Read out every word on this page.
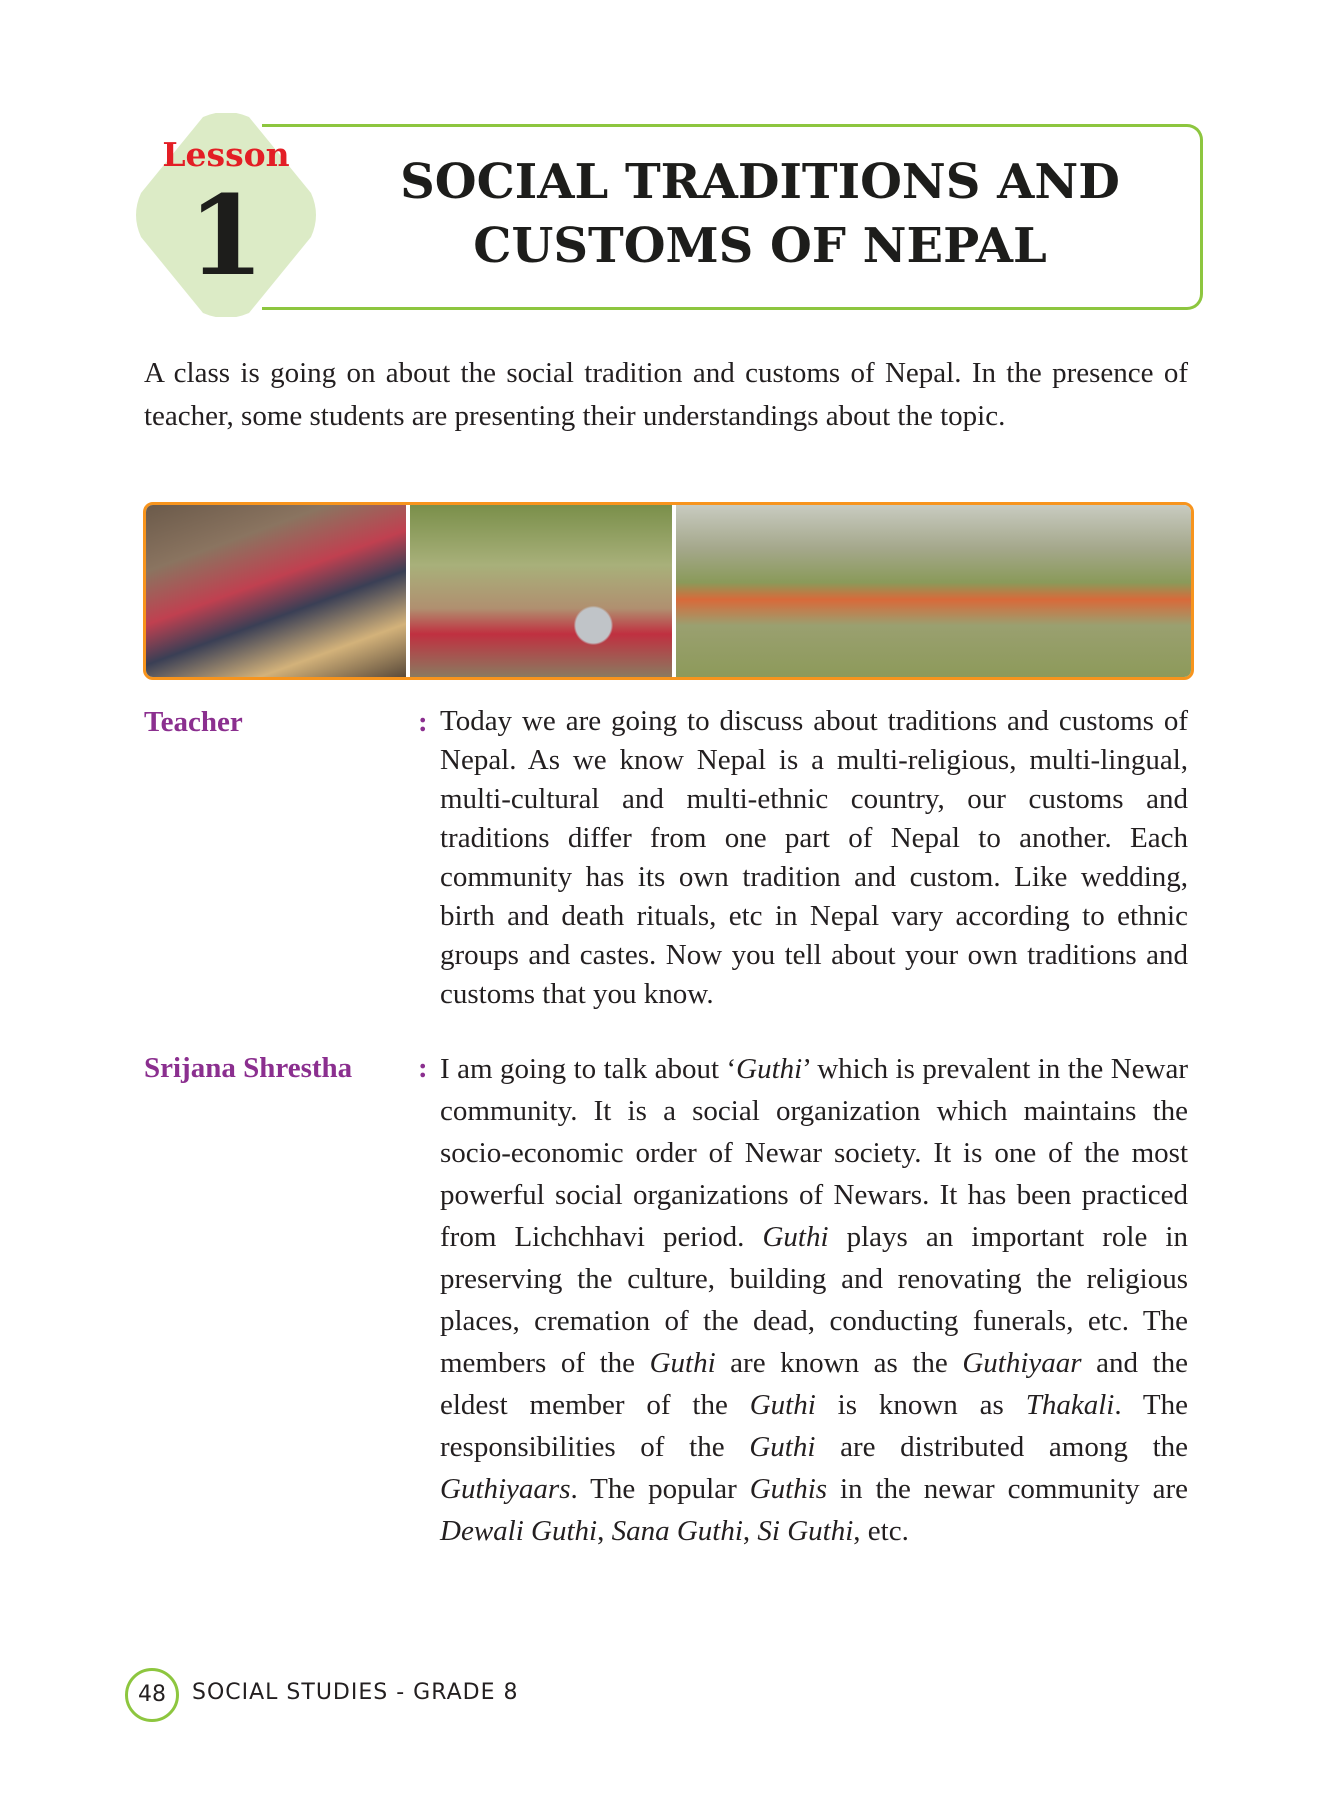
Lesson
1	SOCIAL TRADITIONS AND
CUSTOMS OF NEPAL
A class is going on about the social tradition and customs of Nepal. In the presence of teacher, some students are presenting their understandings about the topic.
Teacher	: Today we are going to discuss about traditions and customs of Nepal. As we know Nepal is a multi-religious, multi-lingual, multi-cultural and multi-ethnic country, our customs and traditions differ from one part of Nepal to another. Each community has its own tradition and custom. Like wedding, birth and death rituals, etc in Nepal vary according to ethnic groups and castes. Now you tell about your own traditions and customs that you know.
Srijana Shrestha	: I am going to talk about ‘Guthi’ which is prevalent in the Newar community. It is a social organization which maintains the socio-economic order of Newar society. It is one of the most powerful social organizations of Newars. It has been practiced from Lichchhavi period. Guthi plays an important role in preserving the culture, building and renovating the religious places, cremation of the dead, conducting funerals, etc. The members of the Guthi are known as the Guthiyaar and the eldest member of the Guthi is known as Thakali. The responsibilities of the Guthi are distributed among the Guthiyaars. The popular Guthis in the newar community are Dewali Guthi, Sana Guthi, Si Guthi, etc.
48	SOCIAL STUDIES - GRADE 8
